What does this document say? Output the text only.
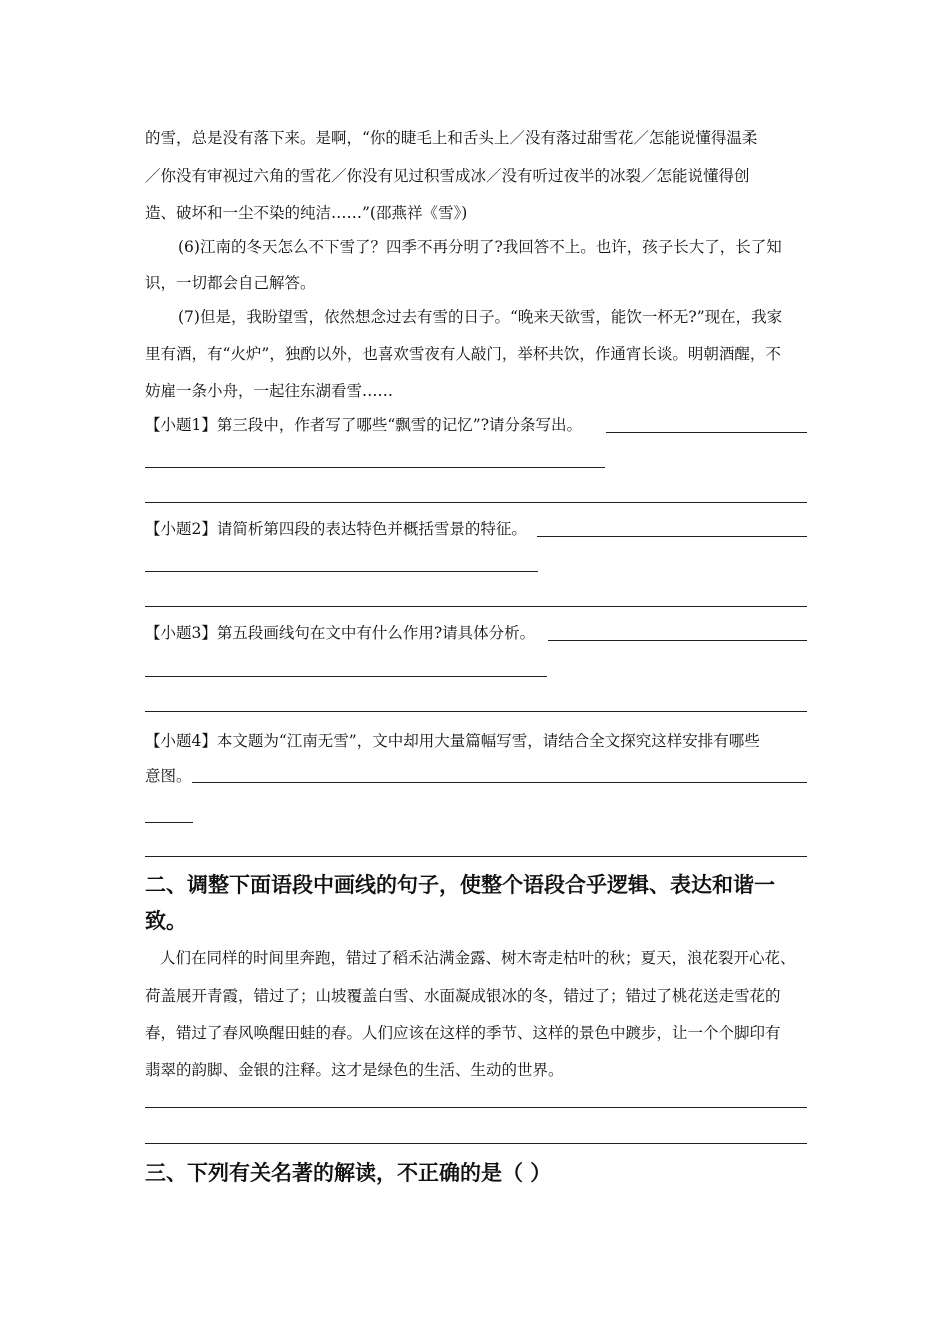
的雪，总是没有落下来。是啊，“你的睫毛上和舌头上／没有落过甜雪花／怎能说懂得温柔
／你没有审视过六角的雪花／你没有见过积雪成冰／没有听过夜半的冰裂／怎能说懂得创
造、破坏和一尘不染的纯洁……”(邵燕祥《雪》)
(6)江南的冬天怎么不下雪了？四季不再分明了?我回答不上。也许，孩子长大了，长了知
识，一切都会自己解答。
(7)但是，我盼望雪，依然想念过去有雪的日子。“晚来天欲雪，能饮一杯无?”现在，我家
里有酒，有“火炉”，独酌以外，也喜欢雪夜有人敲门，举杯共饮，作通宵长谈。明朝酒醒，不
妨雇一条小舟，一起往东湖看雪……
【小题1】第三段中，作者写了哪些“飘雪的记忆”?请分条写出。
【小题2】请简析第四段的表达特色并概括雪景的特征。
【小题3】第五段画线句在文中有什么作用?请具体分析。
【小题4】本文题为“江南无雪”，文中却用大量篇幅写雪，请结合全文探究这样安排有哪些
意图。
二、调整下面语段中画线的句子，使整个语段合乎逻辑、表达和谐一
致。
人们在同样的时间里奔跑，错过了稻禾沾满金露、树木寄走枯叶的秋；夏天，浪花裂开心花、
荷盖展开青霞，错过了；山坡覆盖白雪、水面凝成银冰的冬，错过了；错过了桃花送走雪花的
春，错过了春风唤醒田蛙的春。人们应该在这样的季节、这样的景色中踱步，让一个个脚印有
翡翠的韵脚、金银的注释。这才是绿色的生活、生动的世界。
三、下列有关名著的解读，不正确的是（ ）
